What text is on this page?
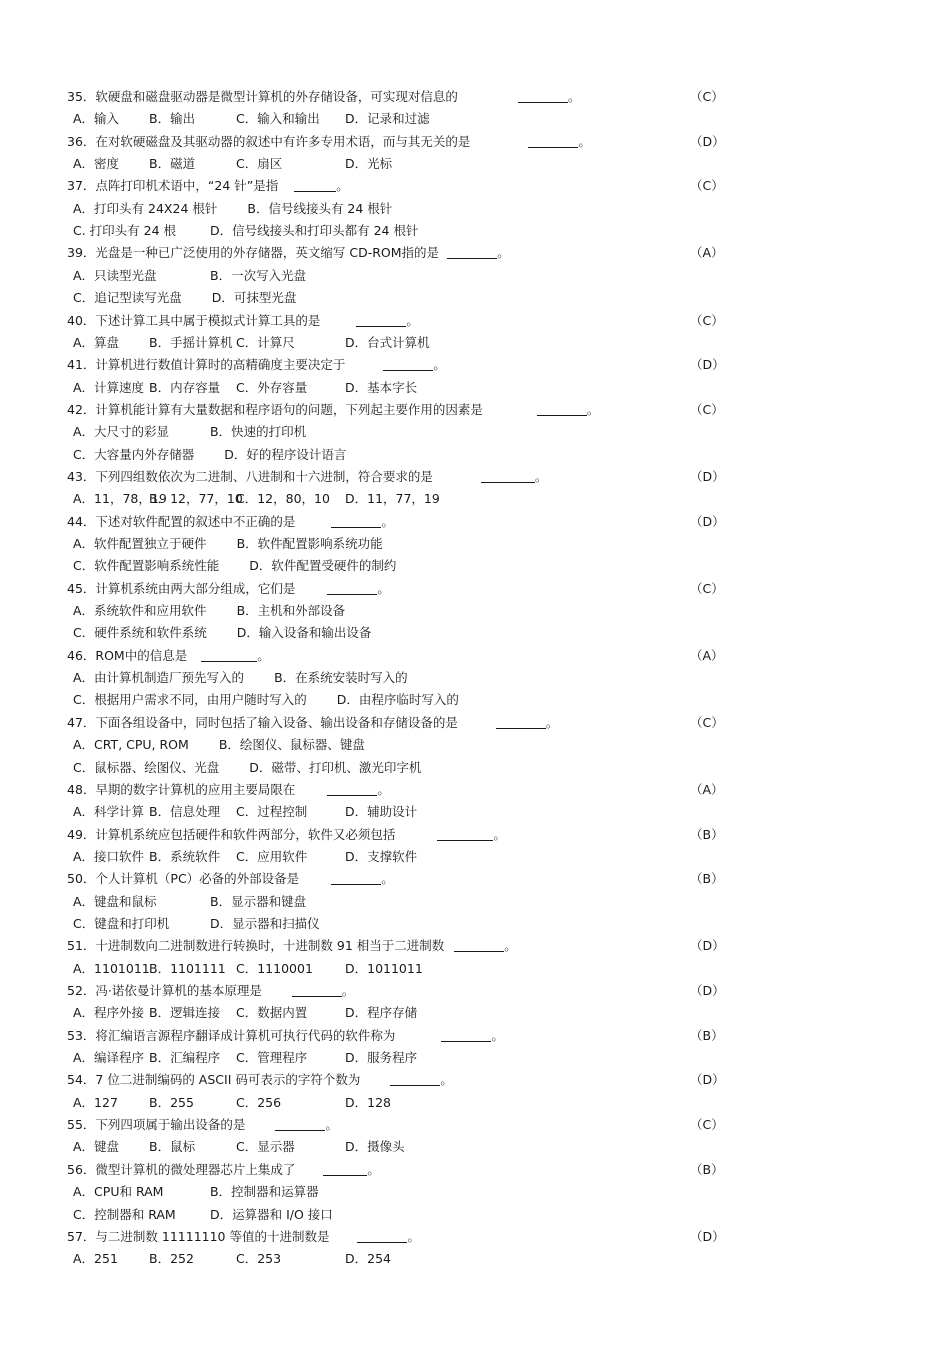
35．软硬盘和磁盘驱动器是微型计算机的外存储设备，可实现对信息的	。	（C）
A．输入 B．输出	C．输入和输出 D．记录和过滤
36．在对软硬磁盘及其驱动器的叙述中有许多专用术语，而与其无关的是	。	（D）
A．密度 B．磁道	C．扇区	D．光标
37．点阵打印机术语中，“24 针”是指	。	（C）
A．打印头有 24X24 根针 B．信号线接头有 24 根针
C. 打印头有 24 根	D．信号线接头和打印头都有 24 根针
39．光盘是一种已广泛使用的外存储器，英文缩写 CD-ROM指的是	。	（A）
A．只读型光盘	B．一次写入光盘
C．追记型读写光盘 D．可抹型光盘
40．下述计算工具中属于模拟式计算工具的是	。	（C）
A．算盘 B．手摇计算机 C．计算尺	D．台式计算机
41．计算机进行数值计算时的高精确度主要决定于	。	（D）
A．计算速度 B．内存容量 C．外存容量	D．基本字长
42．计算机能计算有大量数据和程序语句的问题，下列起主要作用的因素是	。	（C）
A．大尺寸的彩显	B．快速的打印机
C．大容量内外存储器 D．好的程序设计语言
43．下列四组数依次为二进制、八进制和十六进制，符合要求的是	。	（D）
A．11，78，19
B．12，77，10
C．12，80，10 D．11，77，19
44．下述对软件配置的叙述中不正确的是	。	（D）
A．软件配置独立于硬件 B．软件配置影响系统功能
C．软件配置影响系统性能 D．软件配置受硬件的制约
45．计算机系统由两大部分组成，它们是	。	（C）
A．系统软件和应用软件 B．主机和外部设备
C．硬件系统和软件系统 D．输入设备和输出设备
46．ROM中的信息是	。	（A）
A．由计算机制造厂预先写入的 B．在系统安装时写入的
C．根据用户需求不同，由用户随时写入的 D．由程序临时写入的
47．下面各组设备中，同时包括了输入设备、输出设备和存储设备的是	。	（C）
A．CRT, CPU, ROM B．绘图仪、鼠标器、键盘
C．鼠标器、绘图仪、光盘 D．磁带、打印机、激光印字机
48．早期的数字计算机的应用主要局限在	。	（A）
A．科学计算 B．信息处理 C．过程控制	D．辅助设计
49．计算机系统应包括硬件和软件两部分，软件又必须包括	。	（B）
A．接口软件 B．系统软件 C．应用软件	D．支撑软件
50．个人计算机（PC）必备的外部设备是	。	（B）
A．键盘和鼠标	B．显示器和键盘
C．键盘和打印机	D．显示器和扫描仪
51．十进制数向二进制数进行转换时，十进制数 91 相当于二进制数	。	（D）
A．1101011 B．1101111 C．1110001	D．1011011
52．冯·诺依曼计算机的基本原理是	。	（D）
A．程序外接 B．逻辑连接 C．数据内置	D．程序存储
53．将汇编语言源程序翻译成计算机可执行代码的软件称为	。	（B）
A．编译程序 B．汇编程序 C．管理程序	D．服务程序
54．7 位二进制编码的 ASCII 码可表示的字符个数为	。	（D）
A．127 B．255	C．256	D．128
55．下列四项属于输出设备的是	。	（C）
A．键盘 B．鼠标	C．显示器	D．摄像头
56．微型计算机的微处理器芯片上集成了	。	（B）
A．CPU和 RAM	B．控制器和运算器
C．控制器和 RAM	D．运算器和 I/O 接口
57．与二进制数 11111110 等值的十进制数是	。	（D）
A．251 B．252	C．253	D．254
